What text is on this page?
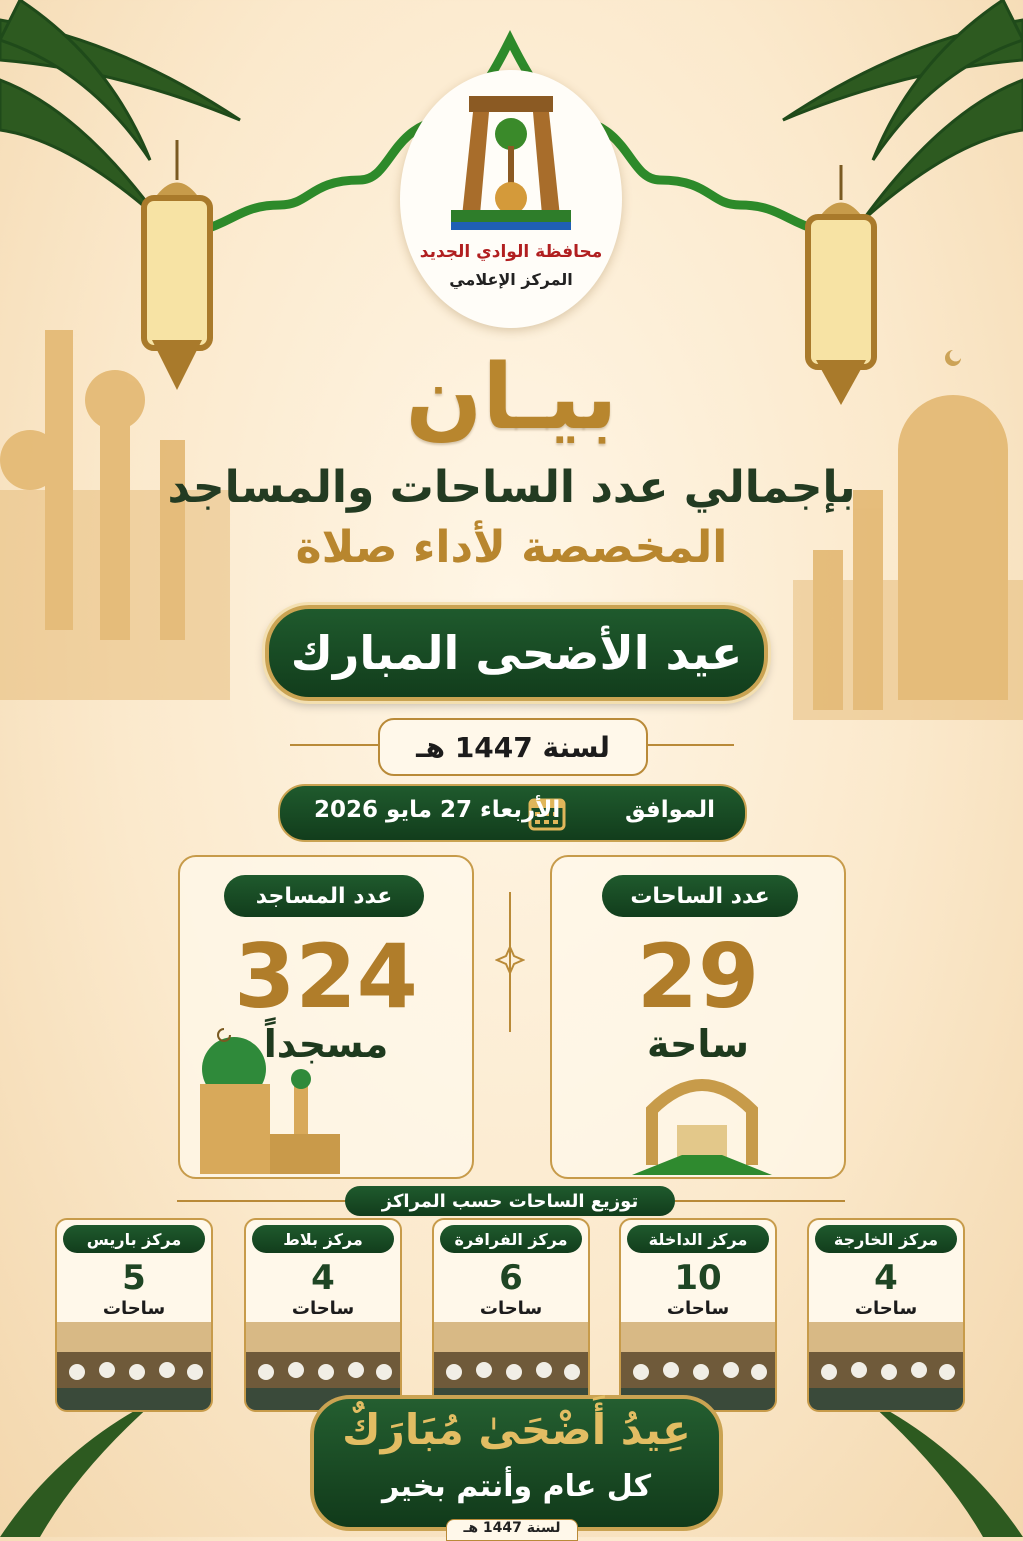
محافظة الوادي الجديد
المركز الإعلامي
بيـان
بإجمالي عدد الساحات والمساجد
المخصصة لأداء صلاة
عيد الأضحى المبارك
لسنة 1447 هـ
الموافق
الأربعاء 27 مايو 2026
عدد الساحات
29
ساحة
عدد المساجد
324
مسجداً
توزيع الساحات حسب المراكز
مركز الخارجة
4
ساحات
مركز الداخلة
10
ساحات
مركز الفرافرة
6
ساحات
مركز بلاط
4
ساحات
مركز باريس
5
ساحات
عِيدُ أَضْحَىٰ مُبَارَكٌ
كل عام وأنتم بخير
لسنة 1447 هـ
